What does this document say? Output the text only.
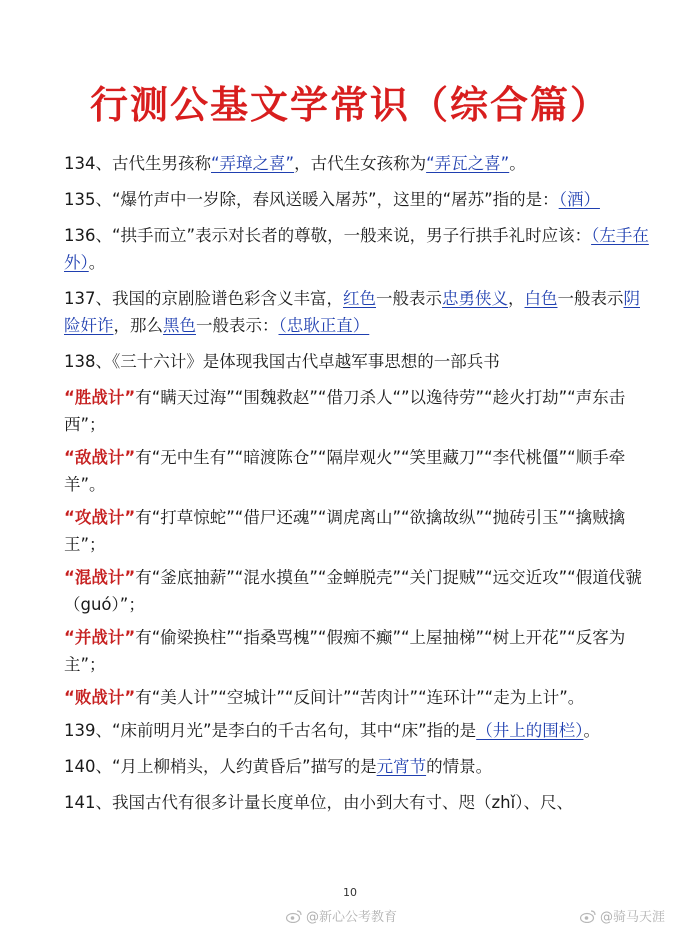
行测公基文学常识（综合篇）
134、古代生男孩称“弄璋之喜”，古代生女孩称为“弄瓦之喜”。
135、“爆竹声中一岁除，春风送暖入屠苏”，这里的“屠苏”指的是：（酒）
136、“拱手而立”表示对长者的尊敬，一般来说，男子行拱手礼时应该：（左手在外）。
137、我国的京剧脸谱色彩含义丰富，红色一般表示忠勇侠义，白色一般表示阴险奸诈，那么黑色一般表示：（忠耿正直）
138、《三十六计》是体现我国古代卓越军事思想的一部兵书
“胜战计”有“瞒天过海”“围魏救赵”“借刀杀人“”以逸待劳”“趁火打劫”“声东击西”；
“敌战计”有“无中生有”“暗渡陈仓”“隔岸观火”“笑里藏刀”“李代桃僵”“顺手牵羊”。
“攻战计”有“打草惊蛇”“借尸还魂”“调虎离山”“欲擒故纵”“抛砖引玉”“擒贼擒王”；
“混战计”有“釜底抽薪”“混水摸鱼”“金蝉脱壳”“关门捉贼”“远交近攻”“假道伐虢（guó）”；
“并战计”有“偷梁换柱”“指桑骂槐”“假痴不癫”“上屋抽梯”“树上开花”“反客为主”；
“败战计”有“美人计”“空城计”“反间计”“苦肉计”“连环计”“走为上计”。
139、“床前明月光”是李白的千古名句，其中“床”指的是（井上的围栏）。
140、“月上柳梢头，人约黄昏后”描写的是元宵节的情景。
141、我国古代有很多计量长度单位，由小到大有寸、咫（zhǐ）、尺、
10
@新心公考教育	@骑马天涯
